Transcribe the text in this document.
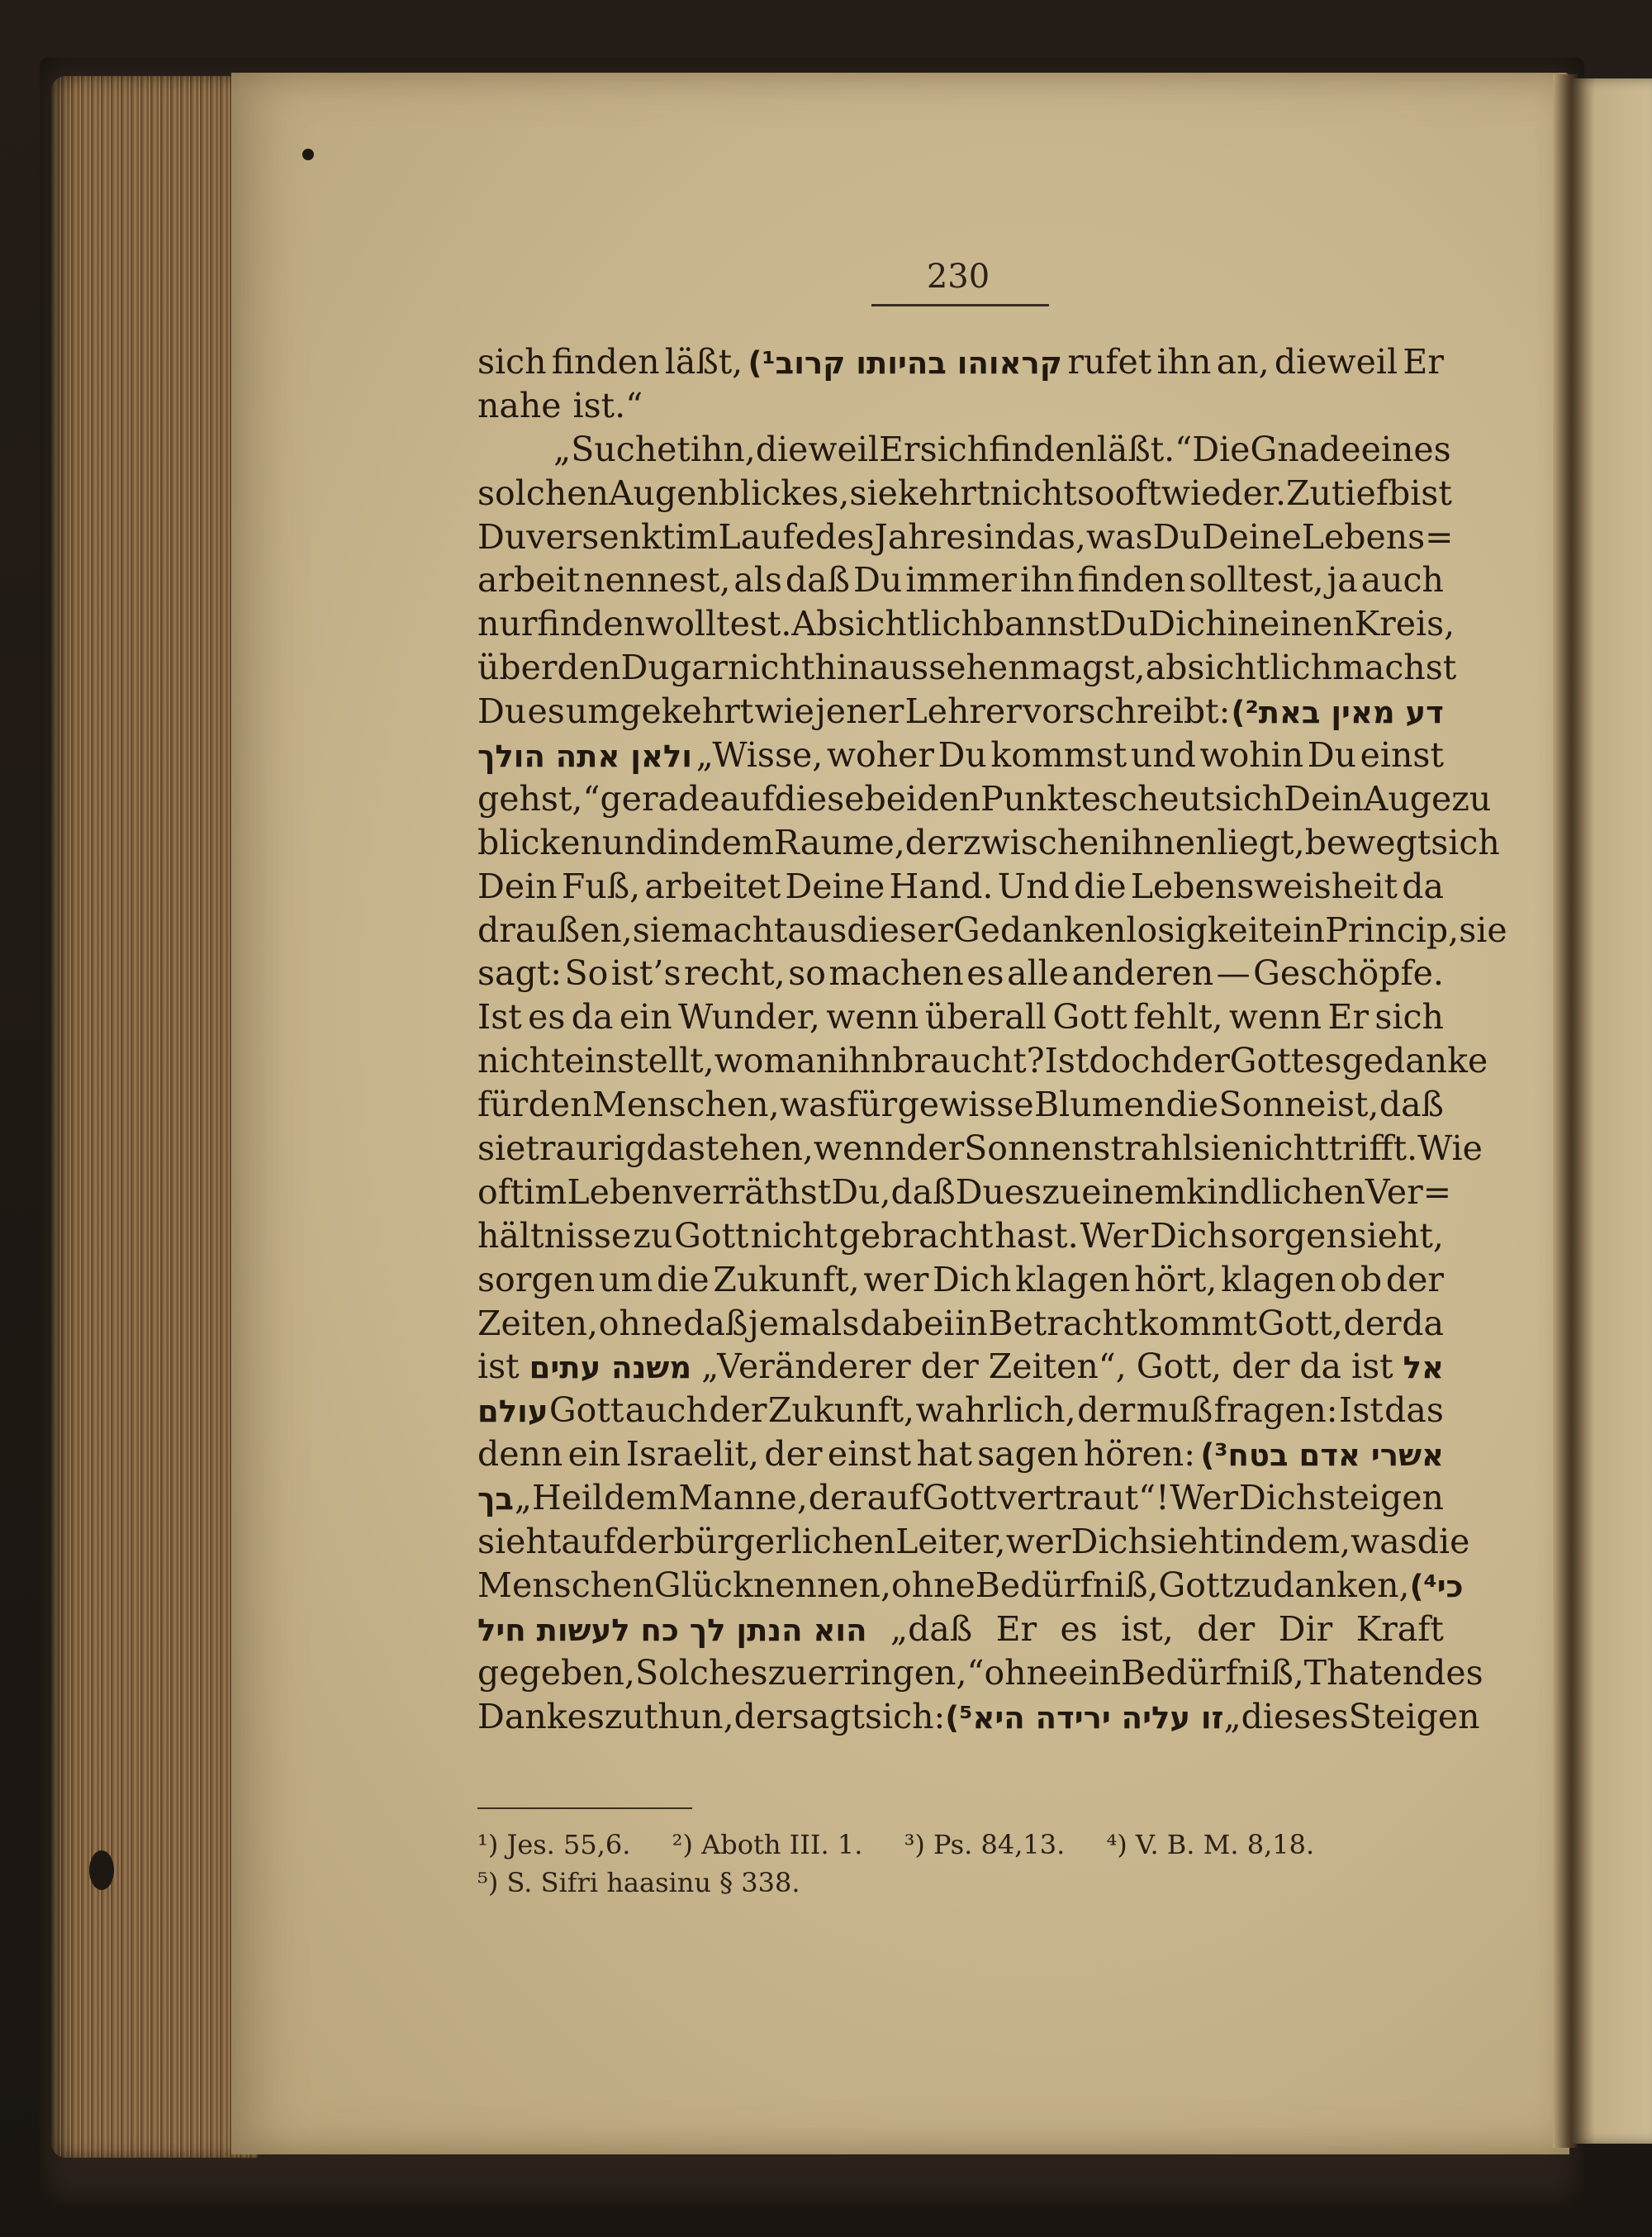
230
sich finden läßt, קראוהו בהיותו קרוב¹) rufet ihn an, dieweil Er
nahe ist.“
„Suchet ihn, dieweil Er sich finden läßt.“ Die Gnade eines
solchen Augenblickes, sie kehrt nicht so oft wieder. Zu tief bist
Du versenkt im Laufe des Jahres in das, was Du Deine Lebens=
arbeit nennest, als daß Du immer ihn finden solltest, ja auch
nur finden wolltest. Absichtlich bannst Du Dich in einen Kreis,
über den Du gar nicht hinaussehen magst, absichtlich machst
Du es umgekehrt wie jener Lehrer vorschreibt: דע מאין באת²)
ולאן אתה הולך „Wisse, woher Du kommst und wohin Du einst
gehst,“ gerade auf diese beiden Punkte scheut sich Dein Auge zu
blicken und in dem Raume, der zwischen ihnen liegt, bewegt sich
Dein Fuß, arbeitet Deine Hand. Und die Lebensweisheit da
draußen, sie macht aus dieser Gedankenlosigkeit ein Princip, sie
sagt: So ist’s recht, so machen es alle anderen — Geschöpfe.
Ist es da ein Wunder, wenn überall Gott fehlt, wenn Er sich
nicht einstellt, wo man ihn braucht? Ist doch der Gottesgedanke
für den Menschen, was für gewisse Blumen die Sonne ist, daß
sie traurig dastehen, wenn der Sonnenstrahl sie nicht trifft. Wie
oft im Leben verräthst Du, daß Du es zu einem kindlichen Ver=
hältnisse zu Gott nicht gebracht hast. Wer Dich sorgen sieht,
sorgen um die Zukunft, wer Dich klagen hört, klagen ob der
Zeiten, ohne daß jemals dabei in Betracht kommt Gott, der da
ist משנה עתים „Veränderer der Zeiten“, Gott, der da ist אל
עולם Gott auch der Zukunft, wahrlich, der muß fragen: Ist das
denn ein Israelit, der einst hat sagen hören: אשרי אדם בטח³)
בך „Heil dem Manne, der auf Gott vertraut“! Wer Dich steigen
sieht auf der bürgerlichen Leiter, wer Dich sieht in dem, was die
Menschen Glück nennen, ohne Bedürfniß, Gott zu danken, כי⁴)
הוא הנתן לך כח לעשות חיל „daß Er es ist, der Dir Kraft
gegeben, Solches zu erringen,“ ohne ein Bedürfniß, Thaten des
Dankes zu thun, der sagt sich: זו עליה ירידה היא⁵) „dieses Steigen
¹) Jes. 55,6. ²) Aboth III. 1. ³) Ps. 84,13. ⁴) V. B. M. 8,18.
⁵) S. Sifri haasinu § 338.
